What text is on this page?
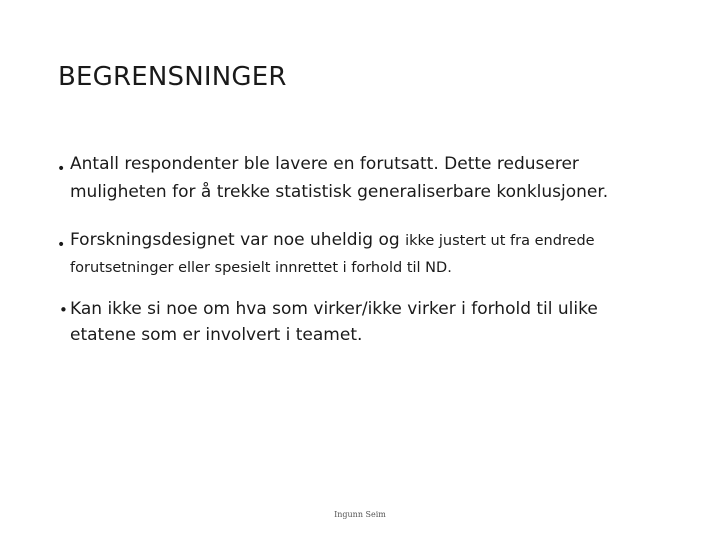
BEGRENSNINGER
• Antall respondenter ble lavere en forutsatt. Dette reduserer
muligheten for å trekke statistisk generaliserbare konklusjoner.
• Forskningsdesignet var noe uheldig og ikke justert ut fra endrede
forutsetninger eller spesielt innrettet i forhold til ND.
• Kan ikke si noe om hva som virker/ikke virker i forhold til ulike
etatene som er involvert i teamet.
Ingunn Seim
